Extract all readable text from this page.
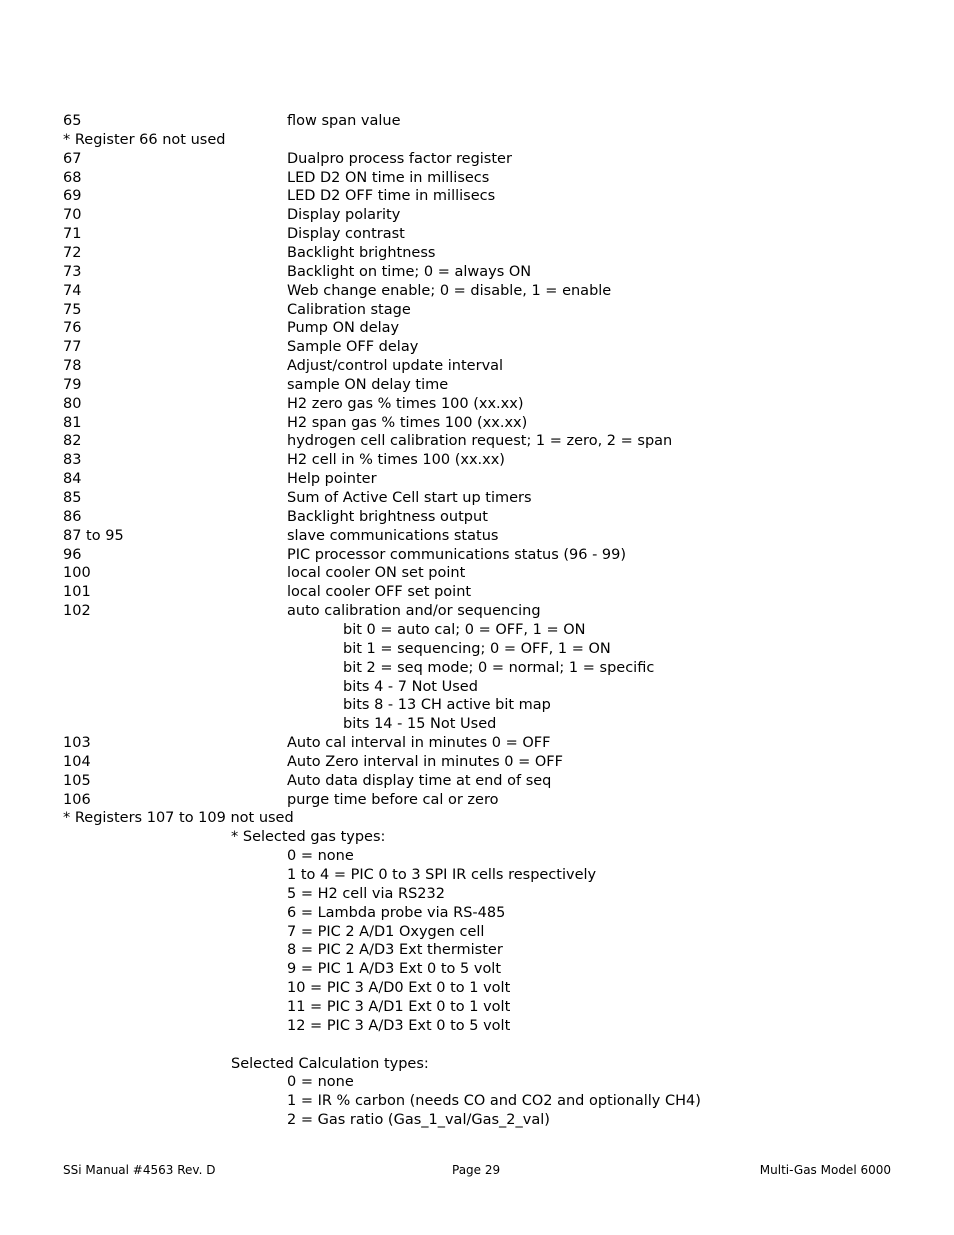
65	flow span value
* Register 66 not used
67	Dualpro process factor register
68	LED D2 ON time in millisecs
69	LED D2 OFF time in millisecs
70	Display polarity
71	Display contrast
72	Backlight brightness
73	Backlight on time; 0 = always ON
74	Web change enable; 0 = disable, 1 = enable
75	Calibration stage
76	Pump ON delay
77	Sample OFF delay
78	Adjust/control update interval
79	sample ON delay time
80	H2 zero gas % times 100 (xx.xx)
81	H2 span gas % times 100 (xx.xx)
82	hydrogen cell calibration request; 1 = zero, 2 = span
83	H2 cell in % times 100 (xx.xx)
84	Help pointer
85	Sum of Active Cell start up timers
86	Backlight brightness output
87 to 95	slave communications status
96	PIC processor communications status (96 - 99)
100	local cooler ON set point
101	local cooler OFF set point
102	auto calibration and/or sequencing
bit 0 = auto cal; 0 = OFF, 1 = ON
bit 1 = sequencing; 0 = OFF, 1 = ON
bit 2 = seq mode; 0 = normal; 1 = specific
bits 4 - 7 Not Used
bits 8 - 13 CH active bit map
bits 14 - 15 Not Used
103	Auto cal interval in minutes 0 = OFF
104	Auto Zero interval in minutes 0 = OFF
105	Auto data display time at end of seq
106	purge time before cal or zero
* Registers 107 to 109 not used
* Selected gas types:
0 = none
1 to 4 = PIC 0 to 3 SPI IR cells respectively
5 = H2 cell via RS232
6 = Lambda probe via RS-485
7 = PIC 2 A/D1 Oxygen cell
8 = PIC 2 A/D3 Ext thermister
9 = PIC 1 A/D3 Ext 0 to 5 volt
10 = PIC 3 A/D0 Ext 0 to 1 volt
11 = PIC 3 A/D1 Ext 0 to 1 volt
12 = PIC 3 A/D3 Ext 0 to 5 volt
Selected Calculation types:
0 = none
1 = IR % carbon (needs CO and CO2 and optionally CH4)
2 = Gas ratio (Gas_1_val/Gas_2_val)
SSi Manual #4563 Rev. D	Page 29	Multi-Gas Model 6000
